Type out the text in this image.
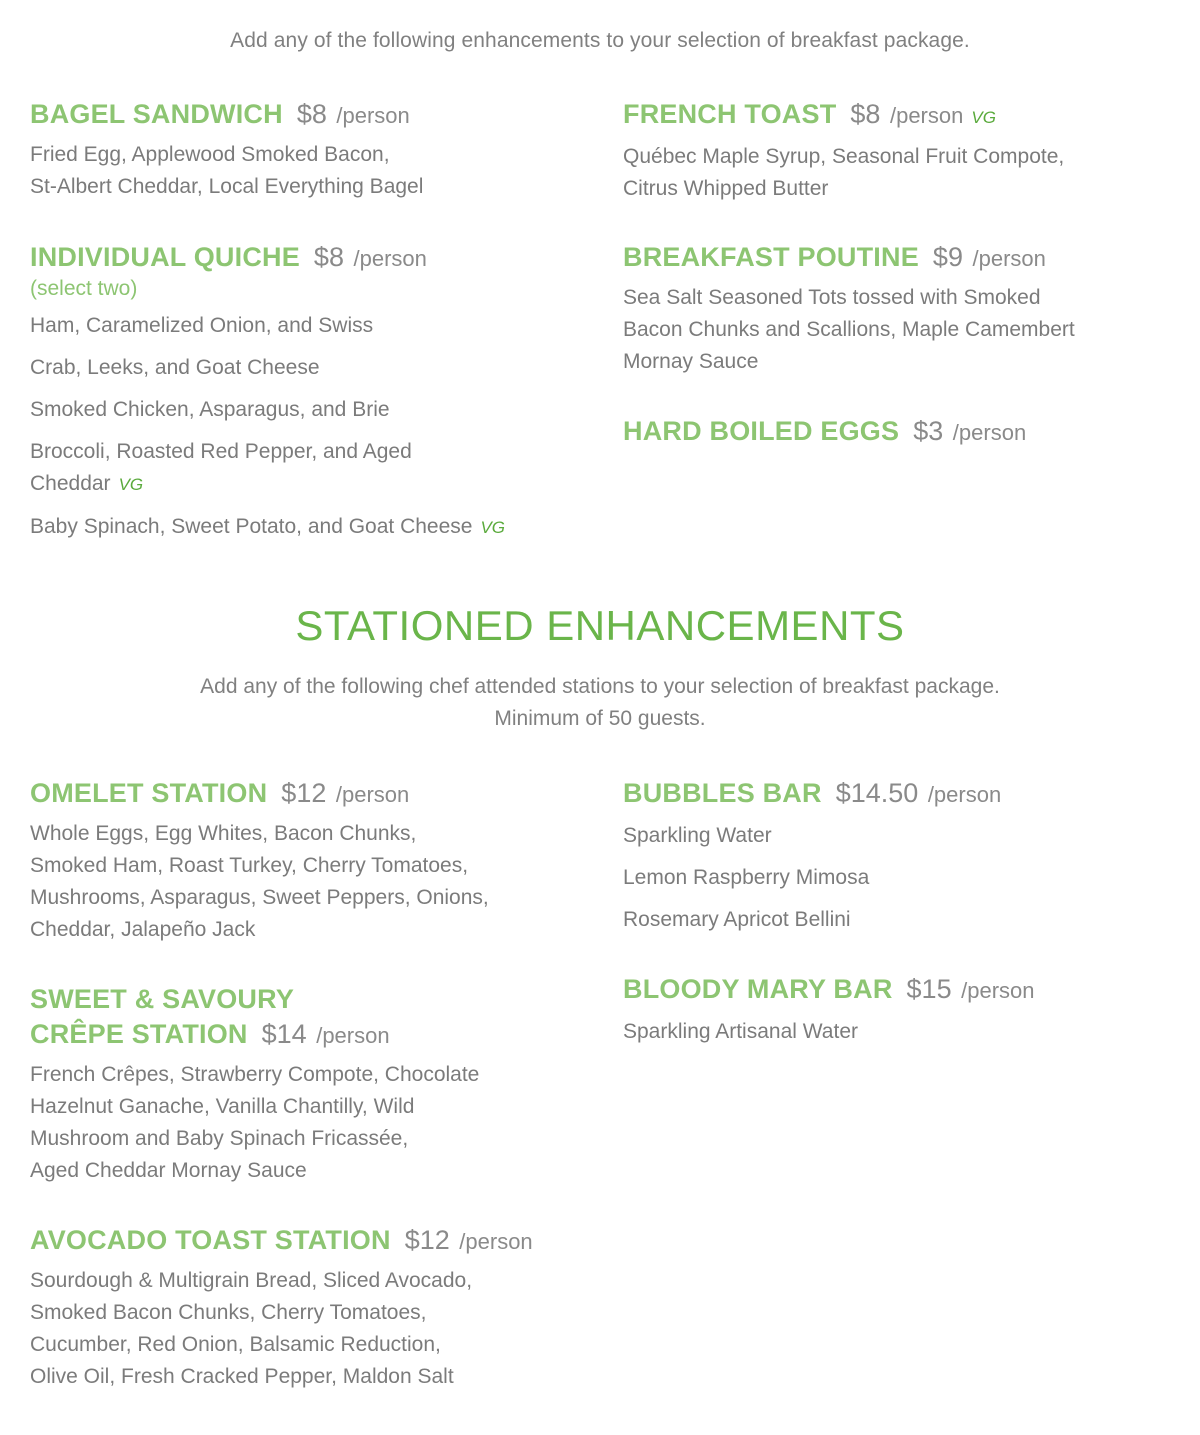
Add any of the following enhancements to your selection of breakfast package.
BAGEL SANDWICH $8 /person
Fried Egg, Applewood Smoked Bacon,
St-Albert Cheddar, Local Everything Bagel
INDIVIDUAL QUICHE $8 /person
(select two)
Ham, Caramelized Onion, and Swiss
Crab, Leeks, and Goat Cheese
Smoked Chicken, Asparagus, and Brie
Broccoli, Roasted Red Pepper, and Aged
Cheddar VG
Baby Spinach, Sweet Potato, and Goat Cheese VG
FRENCH TOAST $8 /person VG
Québec Maple Syrup, Seasonal Fruit Compote,
Citrus Whipped Butter
BREAKFAST POUTINE $9 /person
Sea Salt Seasoned Tots tossed with Smoked
Bacon Chunks and Scallions, Maple Camembert
Mornay Sauce
HARD BOILED EGGS $3 /person
STATIONED ENHANCEMENTS
Add any of the following chef attended stations to your selection of breakfast package.
Minimum of 50 guests.
OMELET STATION $12 /person
Whole Eggs, Egg Whites, Bacon Chunks,
Smoked Ham, Roast Turkey, Cherry Tomatoes,
Mushrooms, Asparagus, Sweet Peppers, Onions,
Cheddar, Jalapeño Jack
SWEET & SAVOURY
CRÊPE STATION $14 /person
French Crêpes, Strawberry Compote, Chocolate
Hazelnut Ganache, Vanilla Chantilly, Wild
Mushroom and Baby Spinach Fricassée,
Aged Cheddar Mornay Sauce
AVOCADO TOAST STATION $12 /person
Sourdough & Multigrain Bread, Sliced Avocado,
Smoked Bacon Chunks, Cherry Tomatoes,
Cucumber, Red Onion, Balsamic Reduction,
Olive Oil, Fresh Cracked Pepper, Maldon Salt
BUBBLES BAR $14.50 /person
Sparkling Water
Lemon Raspberry Mimosa
Rosemary Apricot Bellini
BLOODY MARY BAR $15 /person
Sparkling Artisanal Water
